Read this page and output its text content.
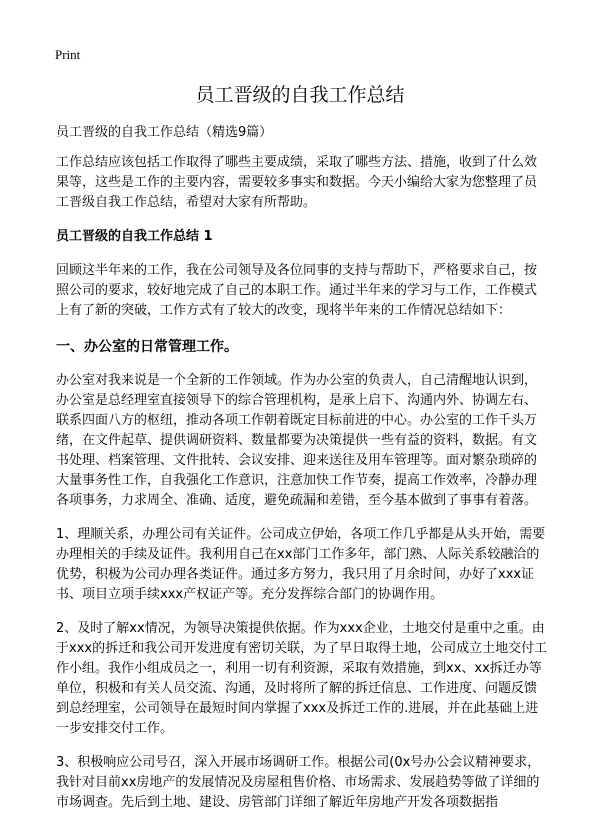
Print
员工晋级的自我工作总结

员工晋级的自我工作总结（精选9篇）

工作总结应该包括工作取得了哪些主要成绩，采取了哪些方法、措施，收到了什么效果等，这些是工作的主要内容，需要较多事实和数据。今天小编给大家为您整理了员工晋级自我工作总结，希望对大家有所帮助。

员工晋级的自我工作总结 1

回顾这半年来的工作，我在公司领导及各位同事的支持与帮助下，严格要求自己，按照公司的要求，较好地完成了自己的本职工作。通过半年来的学习与工作，工作模式上有了新的突破，工作方式有了较大的改变，现将半年来的工作情况总结如下：

一、办公室的日常管理工作。

办公室对我来说是一个全新的工作领域。作为办公室的负责人，自己清醒地认识到，办公室是总经理室直接领导下的综合管理机构，是承上启下、沟通内外、协调左右、联系四面八方的枢纽，推动各项工作朝着既定目标前进的中心。办公室的工作千头万绪，在文件起草、提供调研资料、数量都要为决策提供一些有益的资料，数据。有文书处理、档案管理、文件批转、会议安排、迎来送往及用车管理等。面对繁杂琐碎的大量事务性工作，自我强化工作意识，注意加快工作节奏，提高工作效率，冷静办理各项事务，力求周全、准确、适度，避免疏漏和差错，至今基本做到了事事有着落。

1、理顺关系，办理公司有关证件。公司成立伊始，各项工作几乎都是从头开始，需要办理相关的手续及证件。我利用自己在xx部门工作多年，部门熟、人际关系较融洽的优势，积极为公司办理各类证件。通过多方努力，我只用了月余时间，办好了xxx证书、项目立项手续xxx产权证产等。充分发挥综合部门的协调作用。

2、及时了解xx情况，为领导决策提供依据。作为xxx企业，土地交付是重中之重。由于xxx的拆迁和我公司开发进度有密切关联，为了早日取得土地，公司成立土地交付工作小组。我作小组成员之一，利用一切有利资源，采取有效措施，到xx、xx拆迁办等单位，积极和有关人员交流、沟通，及时将所了解的拆迁信息、工作进度、问题反馈到总经理室，公司领导在最短时间内掌握了xxx及拆迁工作的.进展，并在此基础上进一步安排交付工作。

3、积极响应公司号召，深入开展市场调研工作。根据公司(0x号办公会议精神要求，我针对目前xx房地产的发展情况及房屋租售价格、市场需求、发展趋势等做了详细的市场调查。先后到土地、建设、房管部门详细了解近年房地产开发各项数据指
